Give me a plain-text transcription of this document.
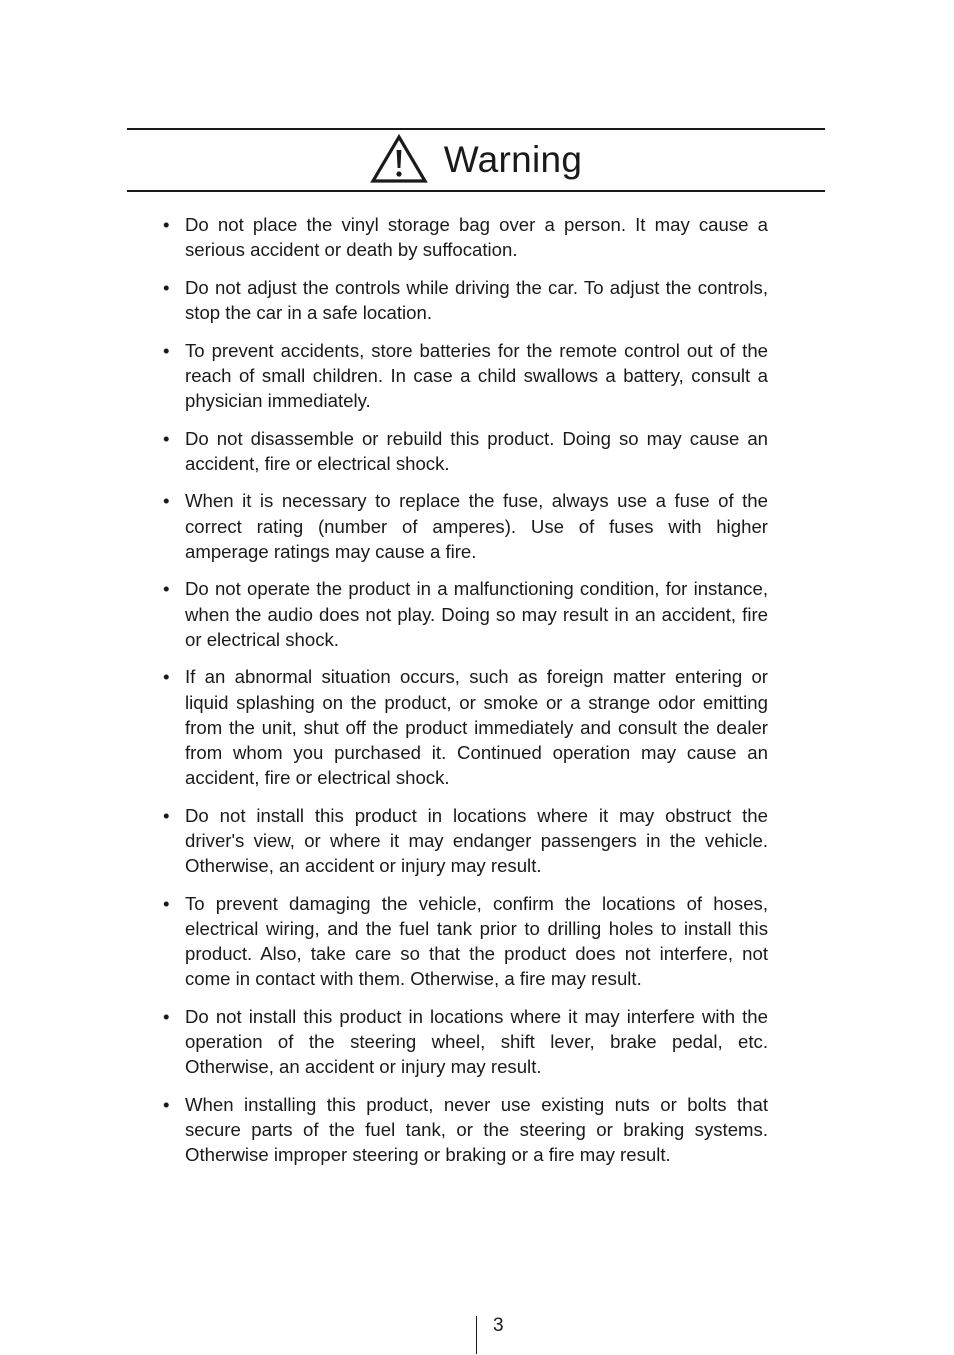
Warning
• Do not place the vinyl storage bag over a person. It may cause a serious accident or death by suffocation.
• Do not adjust the controls while driving the car. To adjust the controls, stop the car in a safe location.
• To prevent accidents, store batteries for the remote control out of the reach of small children. In case a child swallows a battery, consult a physician immediately.
• Do not disassemble or rebuild this product. Doing so may cause an accident, fire or electrical shock.
• When it is necessary to replace the fuse, always use a fuse of the correct rating (number of amperes). Use of fuses with higher amperage ratings may cause a fire.
• Do not operate the product in a malfunctioning condition, for instance, when the audio does not play. Doing so may result in an accident, fire or electrical shock.
• If an abnormal situation occurs, such as foreign matter entering or liquid splashing on the product, or smoke or a strange odor emitting from the unit, shut off the product immediately and consult the dealer from whom you purchased it. Continued operation may cause an accident, fire or electrical shock.
• Do not install this product in locations where it may obstruct the driver's view, or where it may endanger passengers in the vehicle. Otherwise, an accident or injury may result.
• To prevent damaging the vehicle, confirm the locations of hoses, electrical wiring, and the fuel tank prior to drilling holes to install this product. Also, take care so that the product does not interfere, not come in contact with them. Otherwise, a fire may result.
• Do not install this product in locations where it may interfere with the operation of the steering wheel, shift lever, brake pedal, etc. Otherwise, an accident or injury may result.
• When installing this product, never use existing nuts or bolts that secure parts of the fuel tank, or the steering or braking systems. Otherwise improper steering or braking or a fire may result.
3
